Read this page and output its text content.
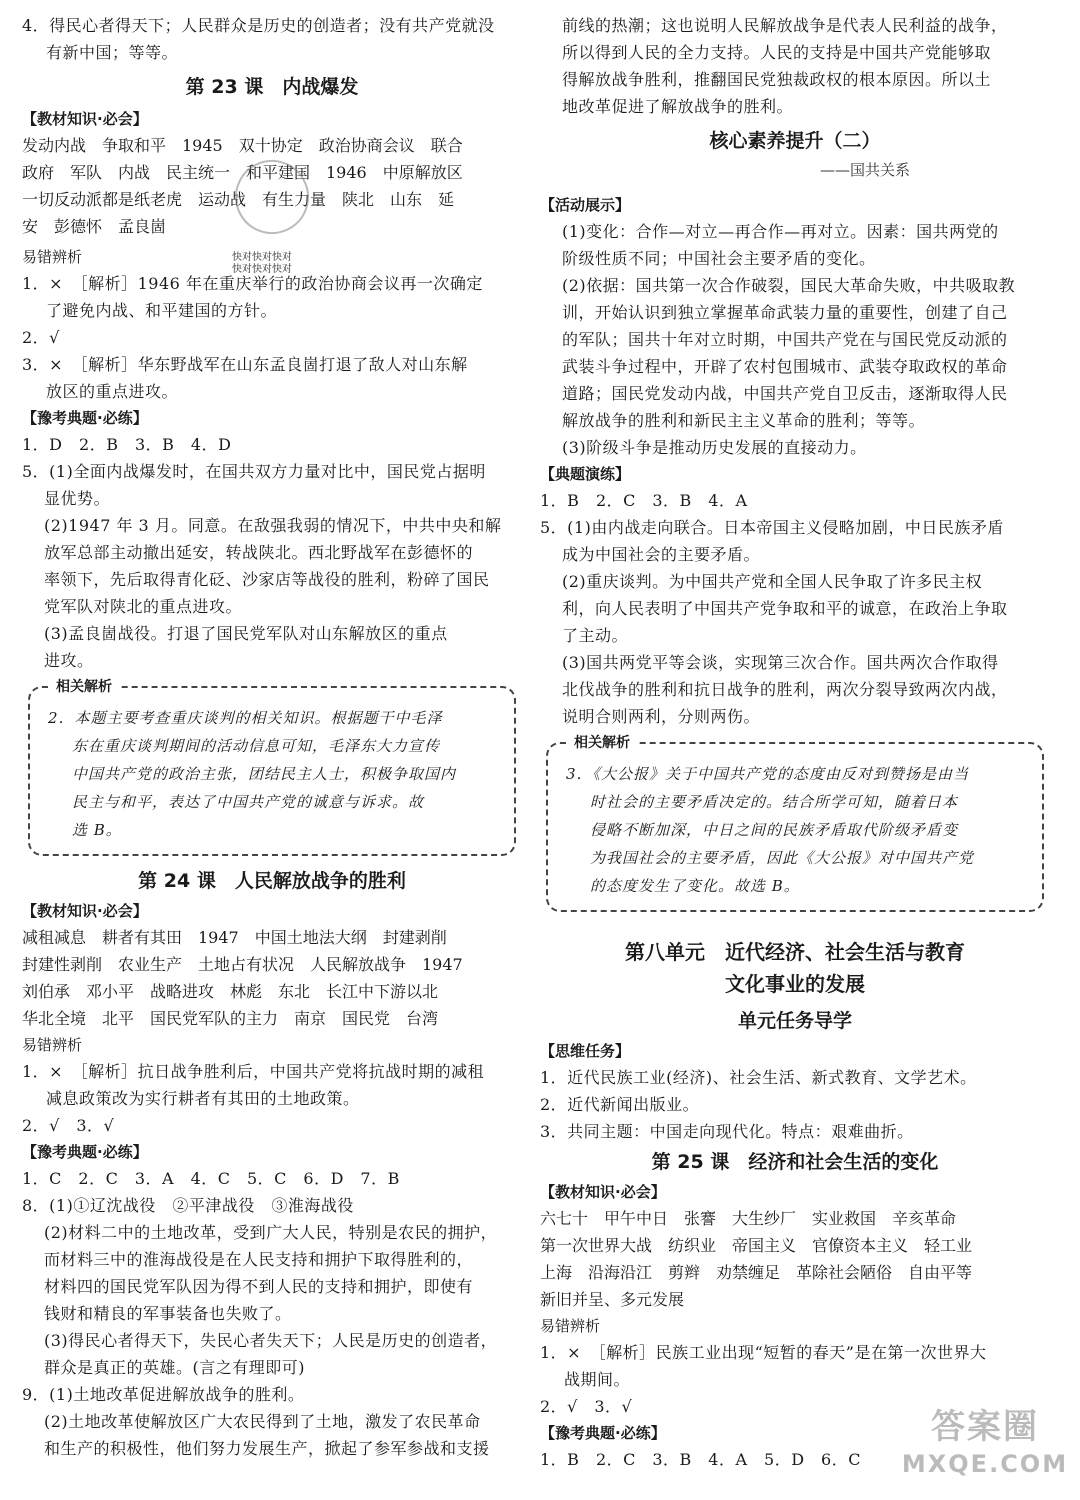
4．得民心者得天下；人民群众是历史的创造者；没有共产党就没

有新中国；等等。

第 23 课　内战爆发

【教材知识·必会】

发动内战　争取和平　1945　双十协定　政治协商会议　联合

政府　军队　内战　民主统一　和平建国　1946　中原解放区

一切反动派都是纸老虎　运动战　有生力量　陕北　山东　延

安　彭德怀　孟良崮

易错辨析

1．×　［解析］1946 年在重庆举行的政治协商会议再一次确定

了避免内战、和平建国的方针。

2．√

3．×　［解析］华东野战军在山东孟良崮打退了敌人对山东解

放区的重点进攻。

【豫考典题·必练】

1．D　2．B　3．B　4．D

5．(1)全面内战爆发时，在国共双方力量对比中，国民党占据明

显优势。

(2)1947 年 3 月。同意。在敌强我弱的情况下，中共中央和解

放军总部主动撤出延安，转战陕北。西北野战军在彭德怀的

率领下，先后取得青化砭、沙家店等战役的胜利，粉碎了国民

党军队对陕北的重点进攻。

(3)孟良崮战役。打退了国民党军队对山东解放区的重点

进攻。

相关解析

2．本题主要考查重庆谈判的相关知识。根据题干中毛泽

东在重庆谈判期间的活动信息可知，毛泽东大力宣传

中国共产党的政治主张，团结民主人士，积极争取国内

民主与和平，表达了中国共产党的诚意与诉求。故

选 B。

第 24 课　人民解放战争的胜利

【教材知识·必会】

减租减息　耕者有其田　1947　中国土地法大纲　封建剥削

封建性剥削　农业生产　土地占有状况　人民解放战争　1947

刘伯承　邓小平　战略进攻　林彪　东北　长江中下游以北

华北全境　北平　国民党军队的主力　南京　国民党　台湾

易错辨析

1．×　［解析］抗日战争胜利后，中国共产党将抗战时期的减租

减息政策改为实行耕者有其田的土地政策。

2．√　3．√

【豫考典题·必练】

1．C　2．C　3．A　4．C　5．C　6．D　7．B

8．(1)①辽沈战役　②平津战役　③淮海战役

(2)材料二中的土地改革，受到广大人民，特别是农民的拥护，

而材料三中的淮海战役是在人民支持和拥护下取得胜利的，

材料四的国民党军队因为得不到人民的支持和拥护，即使有

钱财和精良的军事装备也失败了。

(3)得民心者得天下，失民心者失天下；人民是历史的创造者，

群众是真正的英雄。(言之有理即可)

9．(1)土地改革促进解放战争的胜利。

(2)土地改革使解放区广大农民得到了土地，激发了农民革命

和生产的积极性，他们努力发展生产，掀起了参军参战和支援

快对快对快对
快对快对快对

前线的热潮；这也说明人民解放战争是代表人民利益的战争，

所以得到人民的全力支持。人民的支持是中国共产党能够取

得解放战争胜利，推翻国民党独裁政权的根本原因。所以土

地改革促进了解放战争的胜利。

核心素养提升（二）

——国共关系

【活动展示】

(1)变化：合作—对立—再合作—再对立。因素：国共两党的

阶级性质不同；中国社会主要矛盾的变化。

(2)依据：国共第一次合作破裂，国民大革命失败，中共吸取教

训，开始认识到独立掌握革命武装力量的重要性，创建了自己

的军队；国共十年对立时期，中国共产党在与国民党反动派的

武装斗争过程中，开辟了农村包围城市、武装夺取政权的革命

道路；国民党发动内战，中国共产党自卫反击，逐渐取得人民

解放战争的胜利和新民主主义革命的胜利；等等。

(3)阶级斗争是推动历史发展的直接动力。

【典题演练】

1．B　2．C　3．B　4．A

5．(1)由内战走向联合。日本帝国主义侵略加剧，中日民族矛盾

成为中国社会的主要矛盾。

(2)重庆谈判。为中国共产党和全国人民争取了许多民主权

利，向人民表明了中国共产党争取和平的诚意，在政治上争取

了主动。

(3)国共两党平等会谈，实现第三次合作。国共两次合作取得

北伐战争的胜利和抗日战争的胜利，两次分裂导致两次内战，

说明合则两利，分则两伤。

相关解析

3．《大公报》关于中国共产党的态度由反对到赞扬是由当

时社会的主要矛盾决定的。结合所学可知，随着日本

侵略不断加深，中日之间的民族矛盾取代阶级矛盾变

为我国社会的主要矛盾，因此《大公报》对中国共产党

的态度发生了变化。故选 B。

第八单元　近代经济、社会生活与教育

文化事业的发展

单元任务导学

【思维任务】

1．近代民族工业(经济)、社会生活、新式教育、文学艺术。

2．近代新闻出版业。

3．共同主题：中国走向现代化。特点：艰难曲折。

第 25 课　经济和社会生活的变化

【教材知识·必会】

六七十　甲午中日　张謇　大生纱厂　实业救国　辛亥革命

第一次世界大战　纺织业　帝国主义　官僚资本主义　轻工业

上海　沿海沿江　剪辫　劝禁缠足　革除社会陋俗　自由平等

新旧并呈、多元发展

易错辨析

1．×　［解析］民族工业出现“短暂的春天”是在第一次世界大

战期间。

2．√　3．√

【豫考典题·必练】

1．B　2．C　3．B　4．A　5．D　6．C

答案圈
MXQE.COM
